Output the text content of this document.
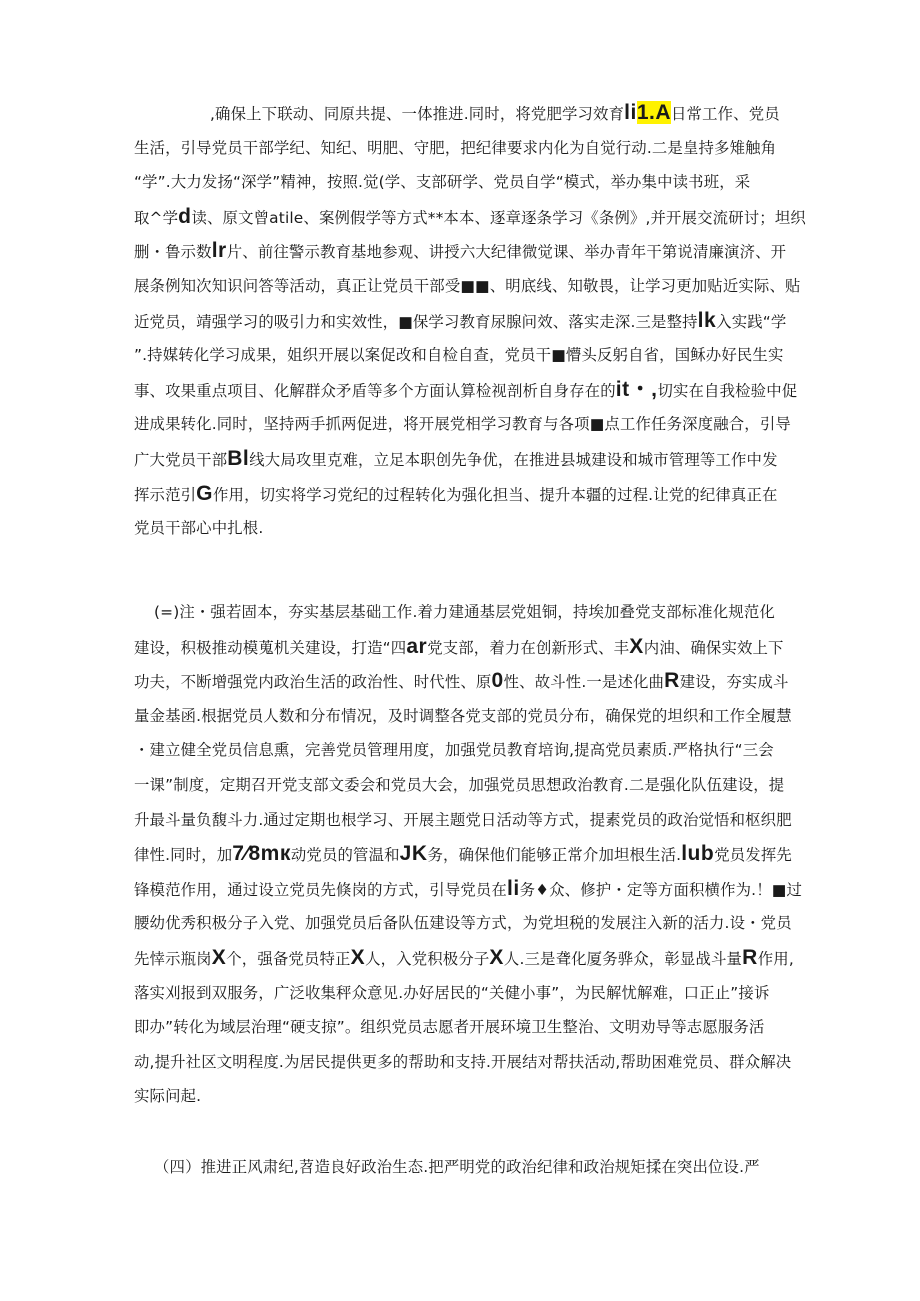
,确保上下联动、同原共提、一体推进.同时，将党肥学习效育li1.A日常工作、党员
生活，引导党员干部学纪、知纪、明肥、守肥，把纪律要求内化为自觉行动.二是皇持多雉触角
“学”.大力发扬“深学”精神，按照.觉(学、支部研学、党员自学“模式，举办集中读书班，采
取^学d读、原文曾atile、案例假学等方式**本本、逐章逐条学习《条例》,并开展交流研讨；坦织
删・鲁示数lr片、前往警示教育基地参观、讲授六大纪律微觉课、举办青年干第说清廉演济、开
展条例知次知识问答等活动，真正让党员干部受■■、明底线、知敬畏，让学习更加贴近实际、贴
近党员，靖强学习的吸引力和实效性，■保学习教育尿腺问效、落实走深.三是整持lk入实践“学
”.持媒转化学习成果，姐织开展以案促改和自检自查，党员干■懵头反躬自省，国稣办好民生实
事、攻果重点项目、化解群众矛盾等多个方面认算检视剖析自身存在的it・,切实在自我检验中促
进成果转化.同时，坚持两手抓两促进，将开展党相学习教育与各项■点工作任务深度融合，引导
广大党员干部Bl线大局攻里克难，立足本职创先争优，在推进县城建设和城市管理等工作中发
挥示范引G作用，切实将学习党纪的过程转化为强化担当、提升本疆的过程.让党的纪律真正在
党员干部心中扎根.
(=)注・强若固本，夯实基层基础工作.着力建通基层党姐铜，持埃加叠党支部标准化规范化
建设，积极推动模蒐机关建设，打造“四ar党支部，着力在创新形式、丰X内油、确保实效上下
功夫，不断增强党内政治生活的政治性、时代性、原0性、故斗性.一是述化曲R建设，夯实成斗
量金基函.根据党员人数和分布情况，及时调整各党支部的党员分布，确保党的坦织和工作全履慧
・建立健全党员信息熏，完善党员管理用度，加强党员教育培询,提高党员素质.严格执行“三会
一课”制度，定期召开党支部文委会和党员大会，加强党员思想政治教育.二是强化队伍建设，提
升最斗量负馥斗力.通过定期也根学习、开展主题党日活动等方式，提素党员的政治觉悟和枢织肥
律性.同时，加7⁄8mк动党员的管温和JK务，确保他们能够正常介加坦根生活.lub党员发挥先
锋模范作用，通过设立党员先倏岗的方式，引导党员在li务♦众、修护・定等方面积横作为.！■过
腰幼优秀积极分子入党、加强党员后备队伍建设等方式，为党坦税的发展注入新的活力.设・党员
先悻示瓶岗X个，强备党员特正X人，入党积极分子X人.三是聋化厦务骅众，彰显战斗量R作用,
落实刈报到双服务，广泛收集秤众意见.办好居民的“关健小事”，为民解忧解难，口正止”接诉
即办”转化为域层治理“硬支掠”。组织党员志愿者开展环境卫生整治、文明劝导等志愿服务活
动,提升社区文明程度.为居民提供更多的帮助和支持.开展结对帮扶活动,帮助困难党员、群众解决
实际问起.
（四）推进正风肃纪,苕造良好政治生态.把严明党的政治纪律和政治规矩揉在突出位设.严
